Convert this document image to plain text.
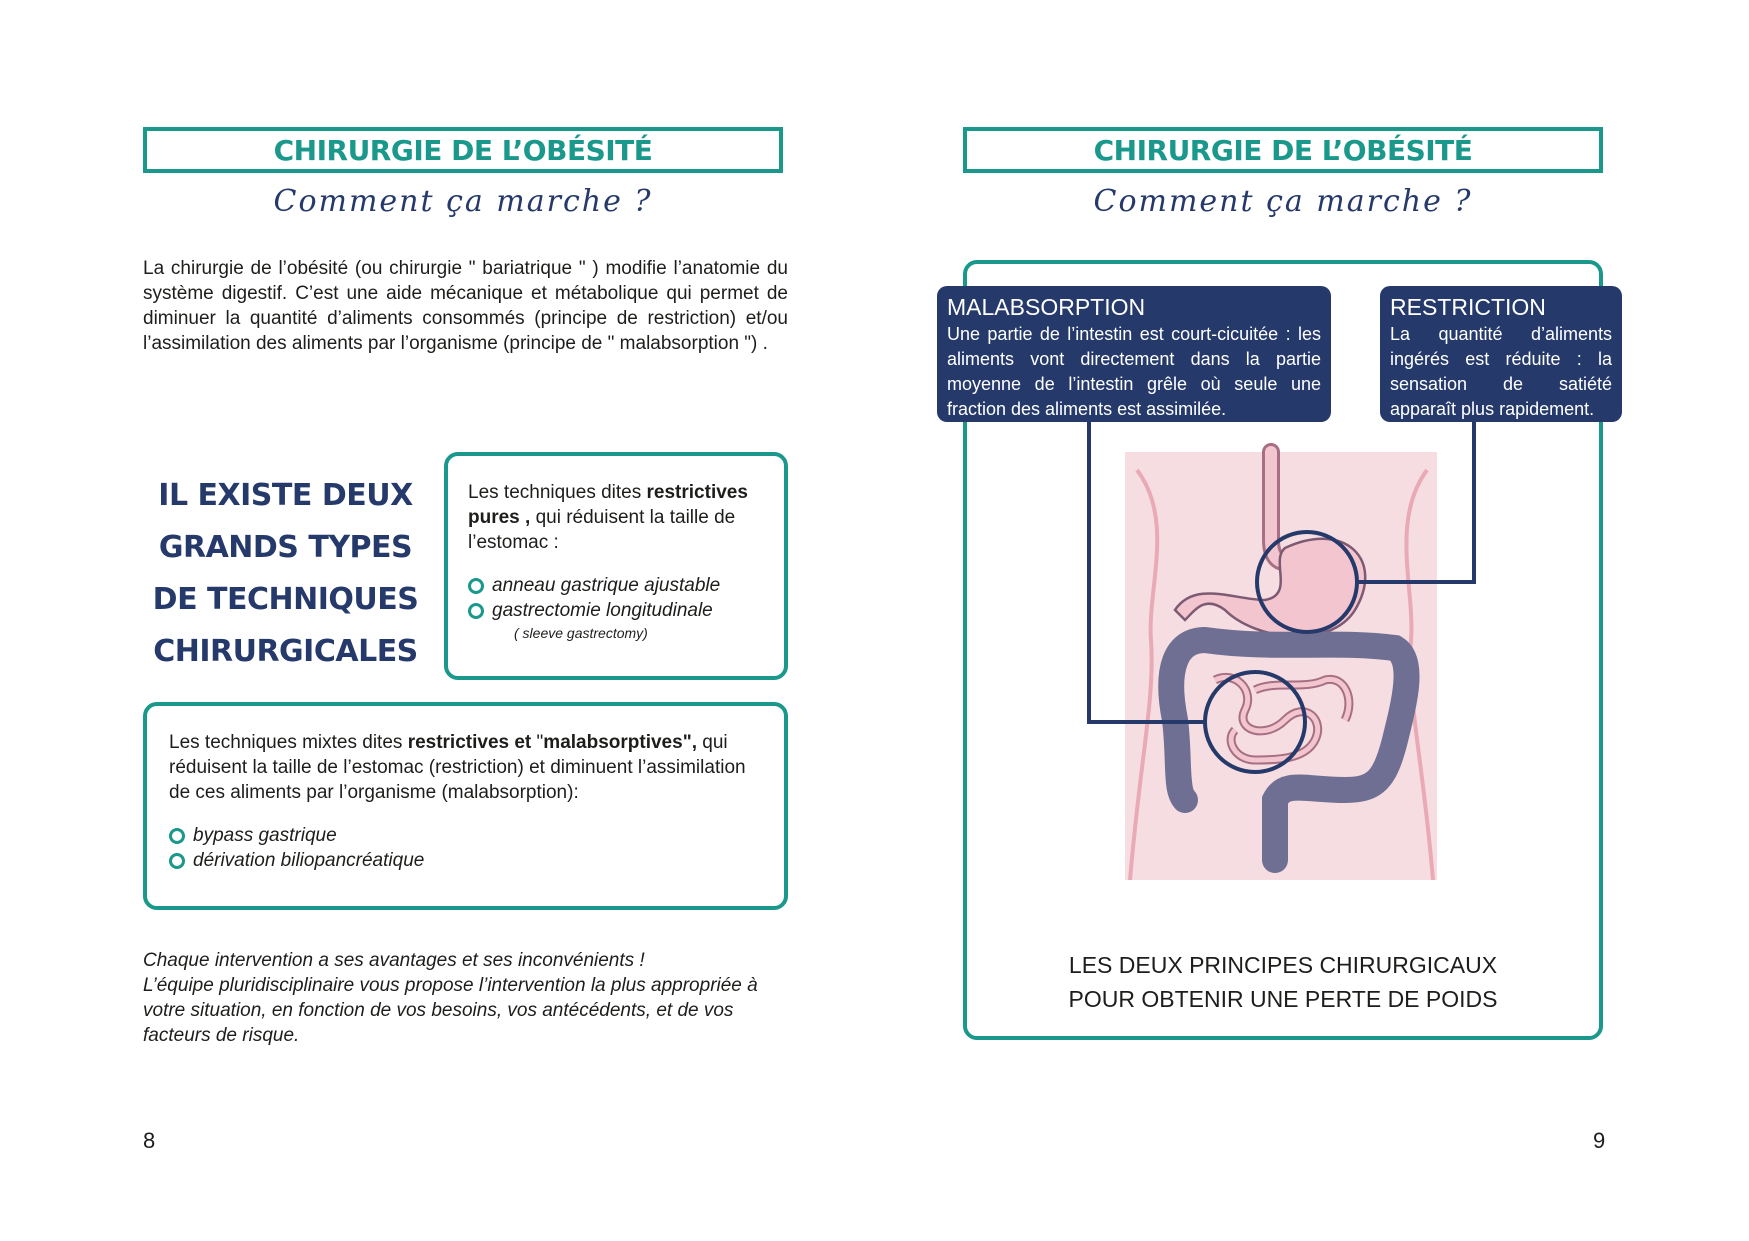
CHIRURGIE DE L’OBÉSITÉ
Comment ça marche ?

La chirurgie de l’obésité (ou chirurgie " bariatrique " ) modifie l’anatomie du système digestif. C’est une aide mécanique et métabolique qui permet de diminuer la quantité d’aliments consommés (principe de restriction) et/ou l’assimilation des aliments par l’organisme (principe de " malabsorption ") .

IL EXISTE DEUX
GRANDS TYPES
DE TECHNIQUES
CHIRURGICALES

Les techniques dites restrictives pures , qui réduisent la taille de l’estomac :

anneau gastrique ajustable
gastrectomie longitudinale
( sleeve gastrectomy)

Les techniques mixtes dites restrictives et "malabsorptives", qui réduisent la taille de l’estomac (restriction) et diminuent l’assimilation de ces aliments par l’organisme (malabsorption):

bypass gastrique
dérivation biliopancréatique
Chaque intervention a ses avantages et ses inconvénients !
L’équipe pluridisciplinaire vous propose l’intervention la plus appropriée à votre situation, en fonction de vos besoins, vos antécédents, et de vos facteurs de risque.
8
CHIRURGIE DE L’OBÉSITÉ
Comment ça marche ?
MALABSORPTION
Une partie de l’intestin est court-cicuitée : les aliments vont directement dans la partie moyenne de l’intestin grêle où seule une fraction des aliments est assimilée.
RESTRICTION
La quantité d’aliments ingérés est réduite : la sensation de satiété apparaît plus rapidement.
LES DEUX PRINCIPES CHIRURGICAUX
POUR OBTENIR UNE PERTE DE POIDS
9
